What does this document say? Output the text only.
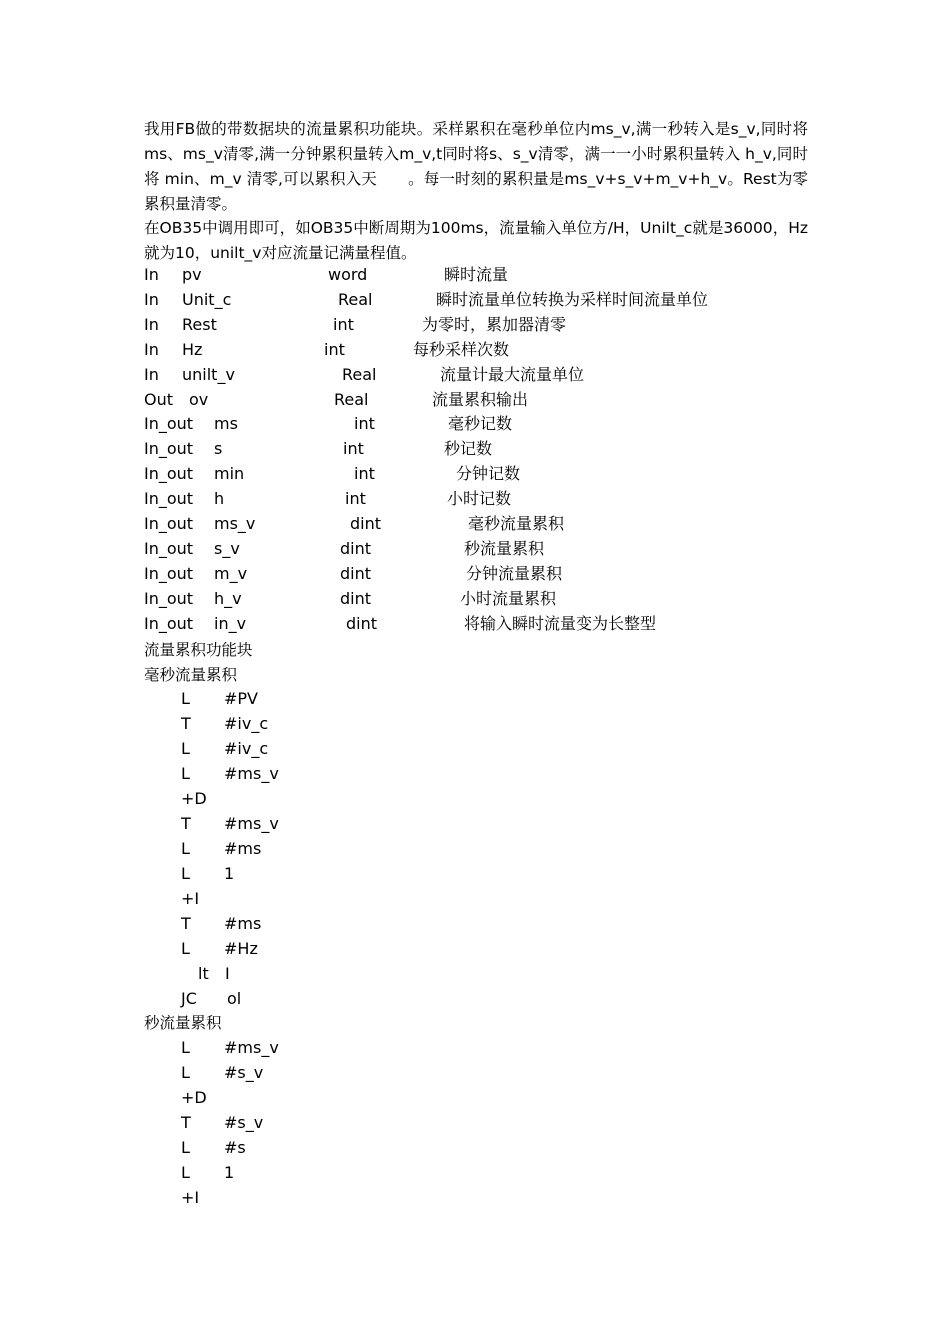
我用FB做的带数据块的流量累积功能块。采样累积在毫秒单位内ms_v,满一秒转入是s_v,同时将ms、ms_v清零,满一分钟累积量转入m_v,t同时将s、s_v清零，满一一小时累积量转入 h_v,同时将 min、m_v 清零,可以累积入天　　。每一时刻的累积量是ms_v+s_v+m_v+h_v。Rest为零累积量清零。

在OB35中调用即可，如OB35中断周期为100ms，流量输入单位方/H，Unilt_c就是36000，Hz就为10，unilt_v对应流量记满量程值。

In pv	word	瞬时流量
In Unit_c	Real	瞬时流量单位转换为采样时间流量单位
In Rest	int	为零时，累加器清零
In Hz	int	每秒采样次数
In unilt_v	Real	流量计最大流量单位
Out ov	Real	流量累积输出
In_out ms	int	毫秒记数
In_out s	int	秒记数
In_out min	int	分钟记数
In_out h	int	小时记数
In_out ms_v	dint	毫秒流量累积
In_out s_v	dint	秒流量累积
In_out m_v	dint	分钟流量累积
In_out h_v	dint	小时流量累积
In_out in_v	dint	将输入瞬时流量变为长整型

流量累积功能块

毫秒流量累积

L #PV
T #iv_c
L #iv_c
L #ms_v
+D
T #ms_v
L #ms
L 1
+I
T #ms
L #Hz
lt I
JC ol

秒流量累积

L #ms_v
L #s_v
+D
T #s_v
L #s
L 1
+I
